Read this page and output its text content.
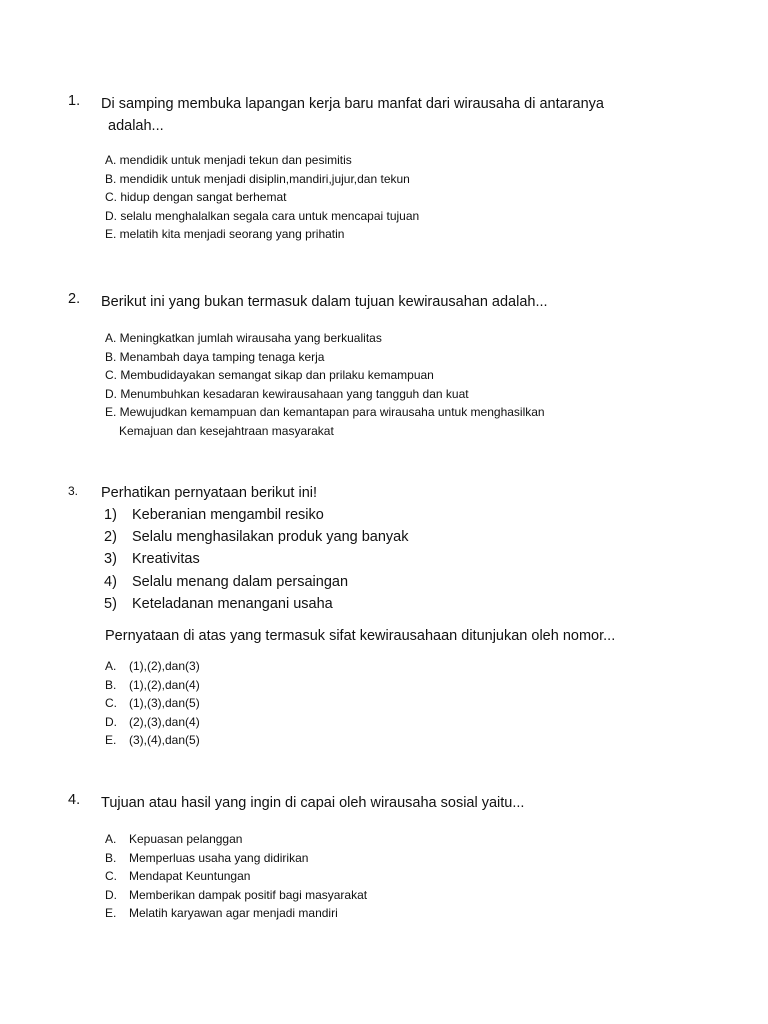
1. Di samping membuka lapangan kerja baru manfat dari wirausaha di antaranya
adalah...
A. mendidik untuk menjadi tekun dan pesimitis
B. mendidik untuk menjadi disiplin,mandiri,jujur,dan tekun
C. hidup dengan sangat berhemat
D. selalu menghalalkan segala cara untuk mencapai tujuan
E. melatih kita menjadi seorang yang prihatin
2. Berikut ini yang bukan termasuk dalam tujuan kewirausahan adalah...
A. Meningkatkan jumlah wirausaha yang berkualitas
B. Menambah daya tamping tenaga kerja
C. Membudidayakan semangat sikap dan prilaku kemampuan
D. Menumbuhkan kesadaran kewirausahaan yang tangguh dan kuat
E. Mewujudkan kemampuan dan kemantapan para wirausaha untuk menghasilkan
Kemajuan dan kesejahtraan masyarakat
3. Perhatikan pernyataan berikut ini!
1)	Keberanian mengambil resiko
2)	Selalu menghasilakan produk yang banyak
3)	Kreativitas
4)	Selalu menang dalam persaingan
5)	Keteladanan menangani usaha
Pernyataan di atas yang termasuk sifat kewirausahaan ditunjukan oleh nomor...
A.	(1),(2),dan(3)
B.	(1),(2),dan(4)
C.	(1),(3),dan(5)
D.	(2),(3),dan(4)
E.	(3),(4),dan(5)
4. Tujuan atau hasil yang ingin di capai oleh wirausaha sosial yaitu...
A.	Kepuasan pelanggan
B.	Memperluas usaha yang didirikan
C.	Mendapat Keuntungan
D.	Memberikan dampak positif bagi masyarakat
E.	Melatih karyawan agar menjadi mandiri
